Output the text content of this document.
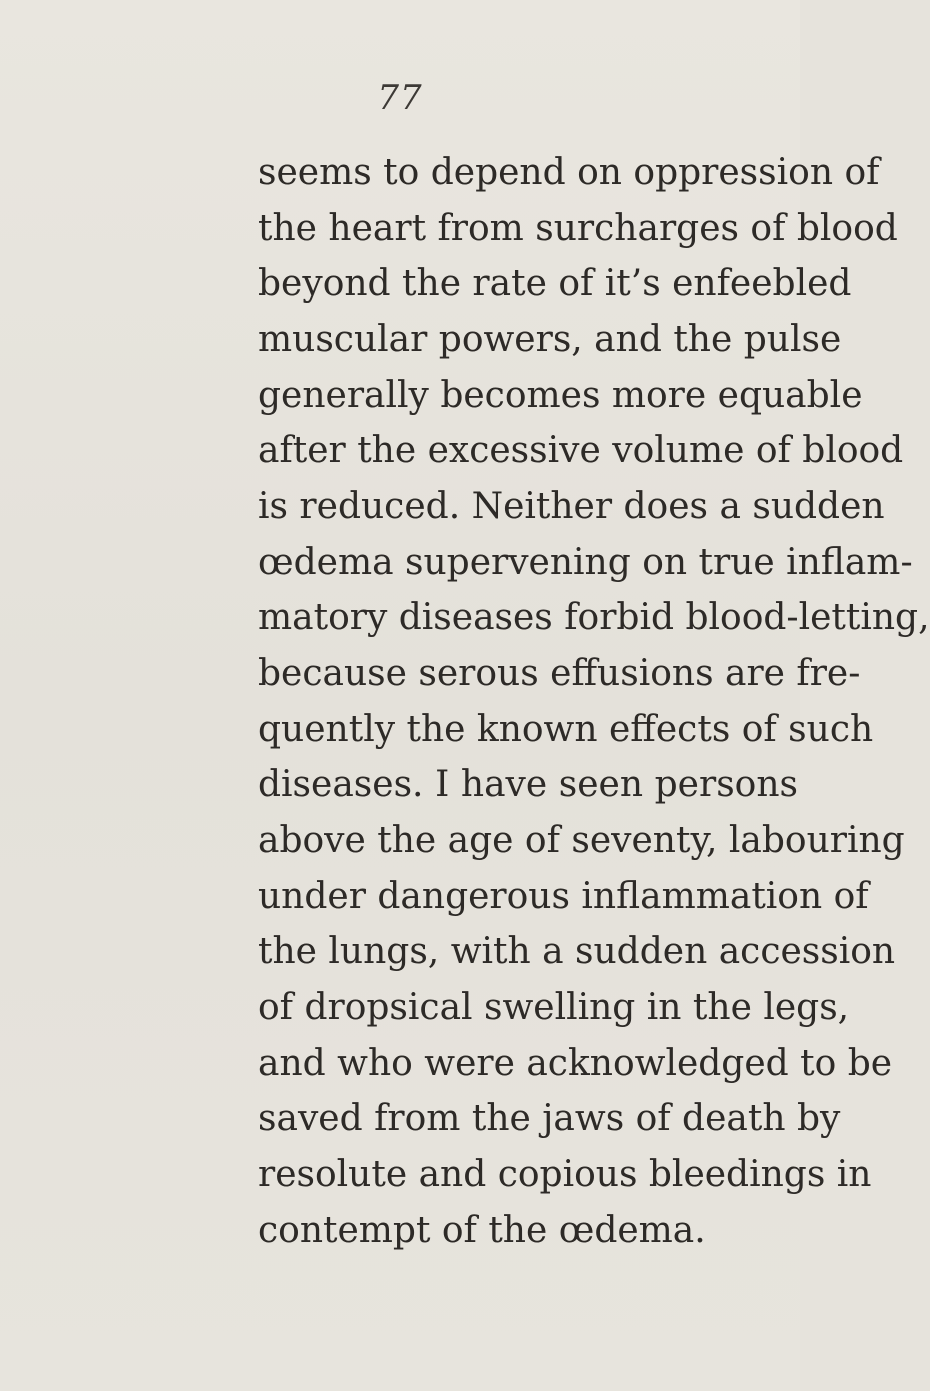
77
seems to depend on oppression of
the heart from surcharges of blood
beyond the rate of it’s enfeebled
muscular powers, and the pulse
generally becomes more equable
after the excessive volume of blood
is reduced. Neither does a sudden
œdema supervening on true inflam-
matory diseases forbid blood-letting,
because serous effusions are fre-
quently the known effects of such
diseases. I have seen persons
above the age of seventy, labouring
under dangerous inflammation of
the lungs, with a sudden accession
of dropsical swelling in the legs,
and who were acknowledged to be
saved from the jaws of death by
resolute and copious bleedings in
contempt of the œdema.
